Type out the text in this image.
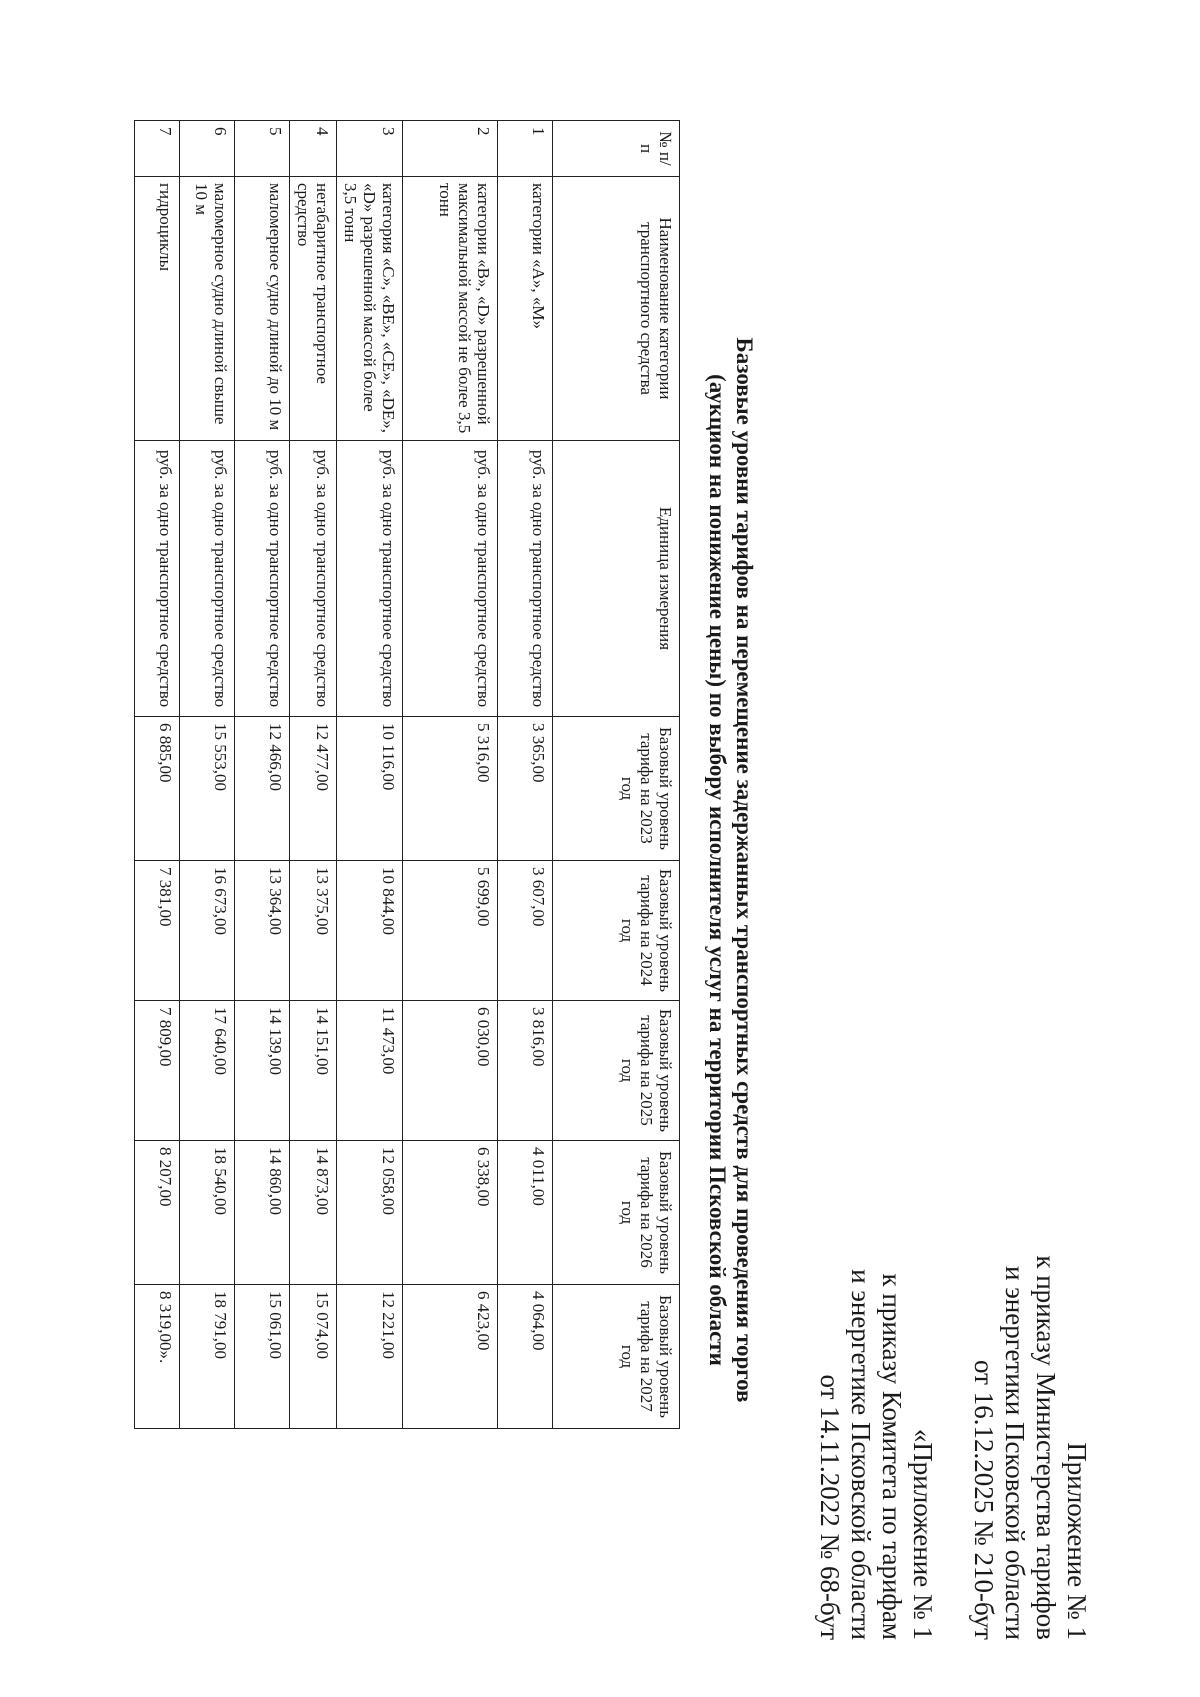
Приложение № 1
к приказу Министерства тарифов
и энергетики Псковской области
от 16.12.2025 № 210-бут
«Приложение № 1
к приказу Комитета по тарифам
и энергетике Псковской области
от 14.11.2022 № 68-бут
Базовые уровни тарифов на перемещение задержанных транспортных средств для проведения торгов
(аукцион на понижение цены) по выбору исполнителя услуг на территории Псковской области
№ п/п	Наименование категории транспортного средства	Единица измерения	Базовый уровень тарифа на 2023 год	Базовый уровень тарифа на 2024 год	Базовый уровень тарифа на 2025 год	Базовый уровень тарифа на 2026 год	Базовый уровень тарифа на 2027 год
1	категории «А», «М»	руб. за одно транспортное средство	3 365,00	3 607,00	3 816,00	4 011,00	4 064,00
2	категории «В», «D» разрешенной максимальной массой не более 3,5 тонн	руб. за одно транспортное средство	5 316,00	5 699,00	6 030,00	6 338,00	6 423,00
3	категория «С», «ВЕ», «СЕ», «DЕ», «D» разрешенной массой более 3,5 тонн	руб. за одно транспортное средство	10 116,00	10 844,00	11 473,00	12 058,00	12 221,00
4	негабаритное транспортное средство	руб. за одно транспортное средство	12 477,00	13 375,00	14 151,00	14 873,00	15 074,00
5	маломерное судно длиной до 10 м	руб. за одно транспортное средство	12 466,00	13 364,00	14 139,00	14 860,00	15 061,00
6	маломерное судно длиной свыше 10 м	руб. за одно транспортное средство	15 553,00	16 673,00	17 640,00	18 540,00	18 791,00
7	гидроциклы	руб. за одно транспортное средство	6 885,00	7 381,00	7 809,00	8 207,00	8 319,00».
